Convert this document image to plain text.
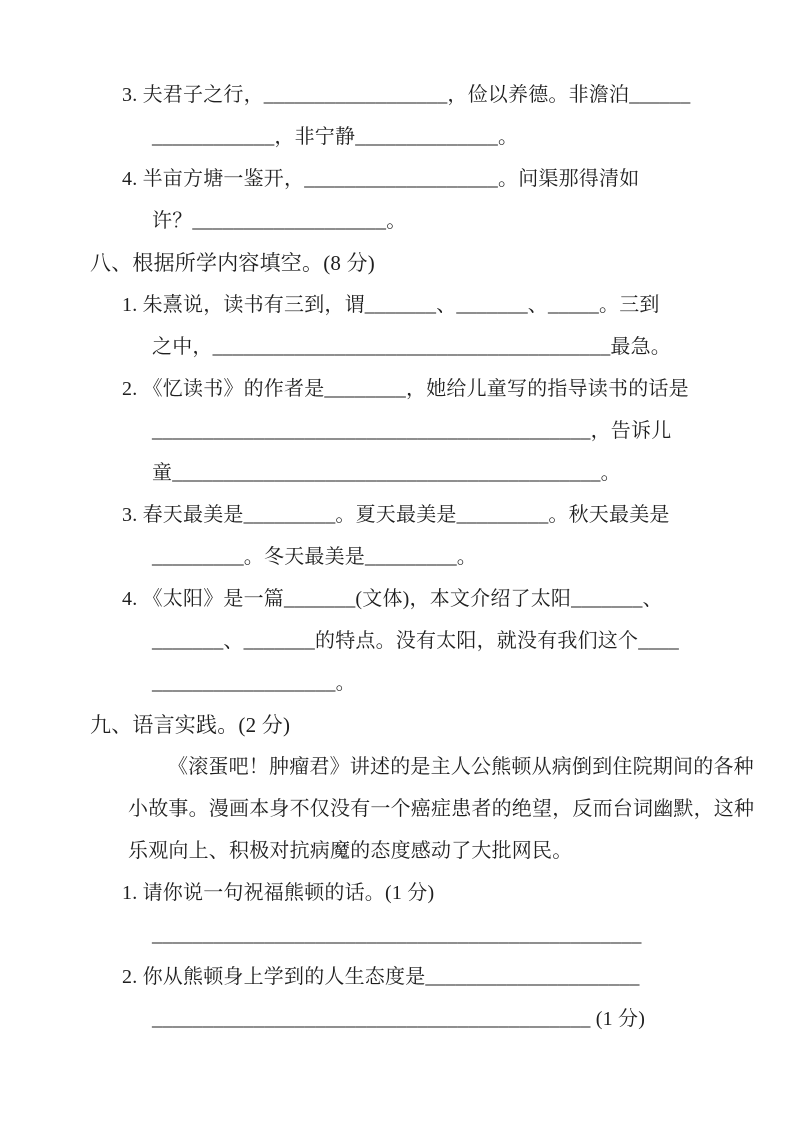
3. 夫君子之行，__________________，俭以养德。非澹泊______
____________，非宁静______________。
4. 半亩方塘一鉴开，___________________。问渠那得清如
许？___________________。
八、根据所学内容填空。(8 分)
1. 朱熹说，读书有三到，谓_______、_______、_____。三到
之中，_______________________________________最急。
2. 《忆读书》的作者是________，她给儿童写的指导读书的话是
___________________________________________，告诉儿
童__________________________________________。
3. 春天最美是_________。夏天最美是_________。秋天最美是
_________。冬天最美是_________。
4. 《太阳》是一篇_______(文体)，本文介绍了太阳_______、
_______、_______的特点。没有太阳，就没有我们这个____
__________________。
九、语言实践。(2 分)
《滚蛋吧！肿瘤君》讲述的是主人公熊顿从病倒到住院期间的各种
小故事。漫画本身不仅没有一个癌症患者的绝望，反而台词幽默，这种
乐观向上、积极对抗病魔的态度感动了大批网民。
1. 请你说一句祝福熊顿的话。(1 分)
________________________________________________
2. 你从熊顿身上学到的人生态度是_____________________
___________________________________________ (1 分)
